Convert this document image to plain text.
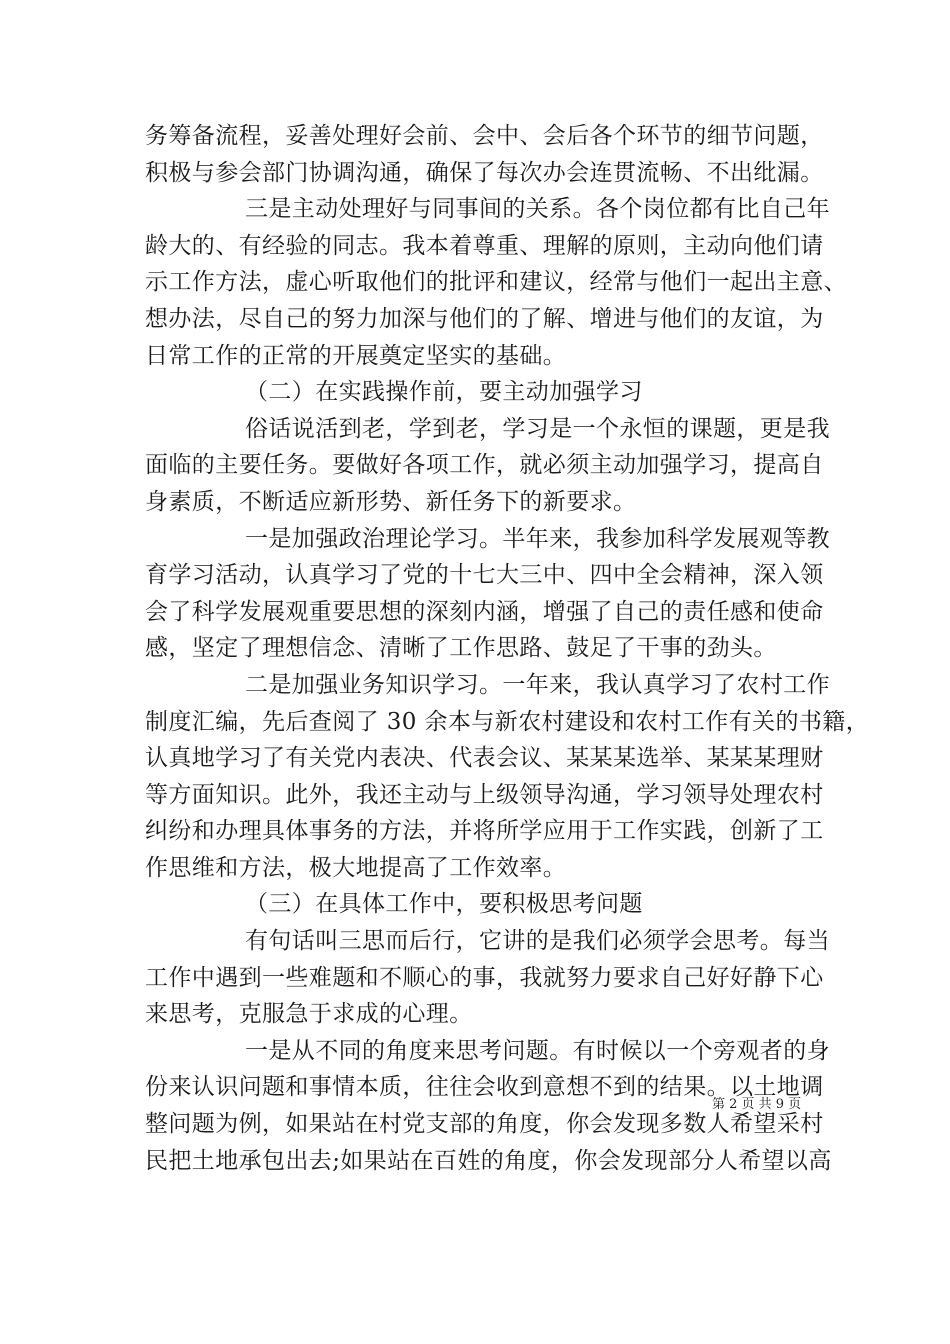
务筹备流程，妥善处理好会前、会中、会后各个环节的细节问题，
积极与参会部门协调沟通，确保了每次办会连贯流畅、不出纰漏。
三是主动处理好与同事间的关系。各个岗位都有比自己年
龄大的、有经验的同志。我本着尊重、理解的原则，主动向他们请
示工作方法，虚心听取他们的批评和建议，经常与他们一起出主意、
想办法，尽自己的努力加深与他们的了解、增进与他们的友谊，为
日常工作的正常的开展奠定坚实的基础。
（二）在实践操作前，要主动加强学习
俗话说活到老，学到老，学习是一个永恒的课题，更是我
面临的主要任务。要做好各项工作，就必须主动加强学习，提高自
身素质，不断适应新形势、新任务下的新要求。
一是加强政治理论学习。半年来，我参加科学发展观等教
育学习活动，认真学习了党的十七大三中、四中全会精神，深入领
会了科学发展观重要思想的深刻内涵，增强了自己的责任感和使命
感，坚定了理想信念、清晰了工作思路、鼓足了干事的劲头。
二是加强业务知识学习。一年来，我认真学习了农村工作
制度汇编，先后查阅了 30 余本与新农村建设和农村工作有关的书籍，
认真地学习了有关党内表决、代表会议、某某某选举、某某某理财
等方面知识。此外，我还主动与上级领导沟通，学习领导处理农村
纠纷和办理具体事务的方法，并将所学应用于工作实践，创新了工
作思维和方法，极大地提高了工作效率。
（三）在具体工作中，要积极思考问题
有句话叫三思而后行，它讲的是我们必须学会思考。每当
工作中遇到一些难题和不顺心的事，我就努力要求自己好好静下心
来思考，克服急于求成的心理。
一是从不同的角度来思考问题。有时候以一个旁观者的身
份来认识问题和事情本质，往往会收到意想不到的结果。以土地调
整问题为例，如果站在村党支部的角度，你会发现多数人希望采村
民把土地承包出去;如果站在百姓的角度，你会发现部分人希望以高
第 2 页 共 9 页
